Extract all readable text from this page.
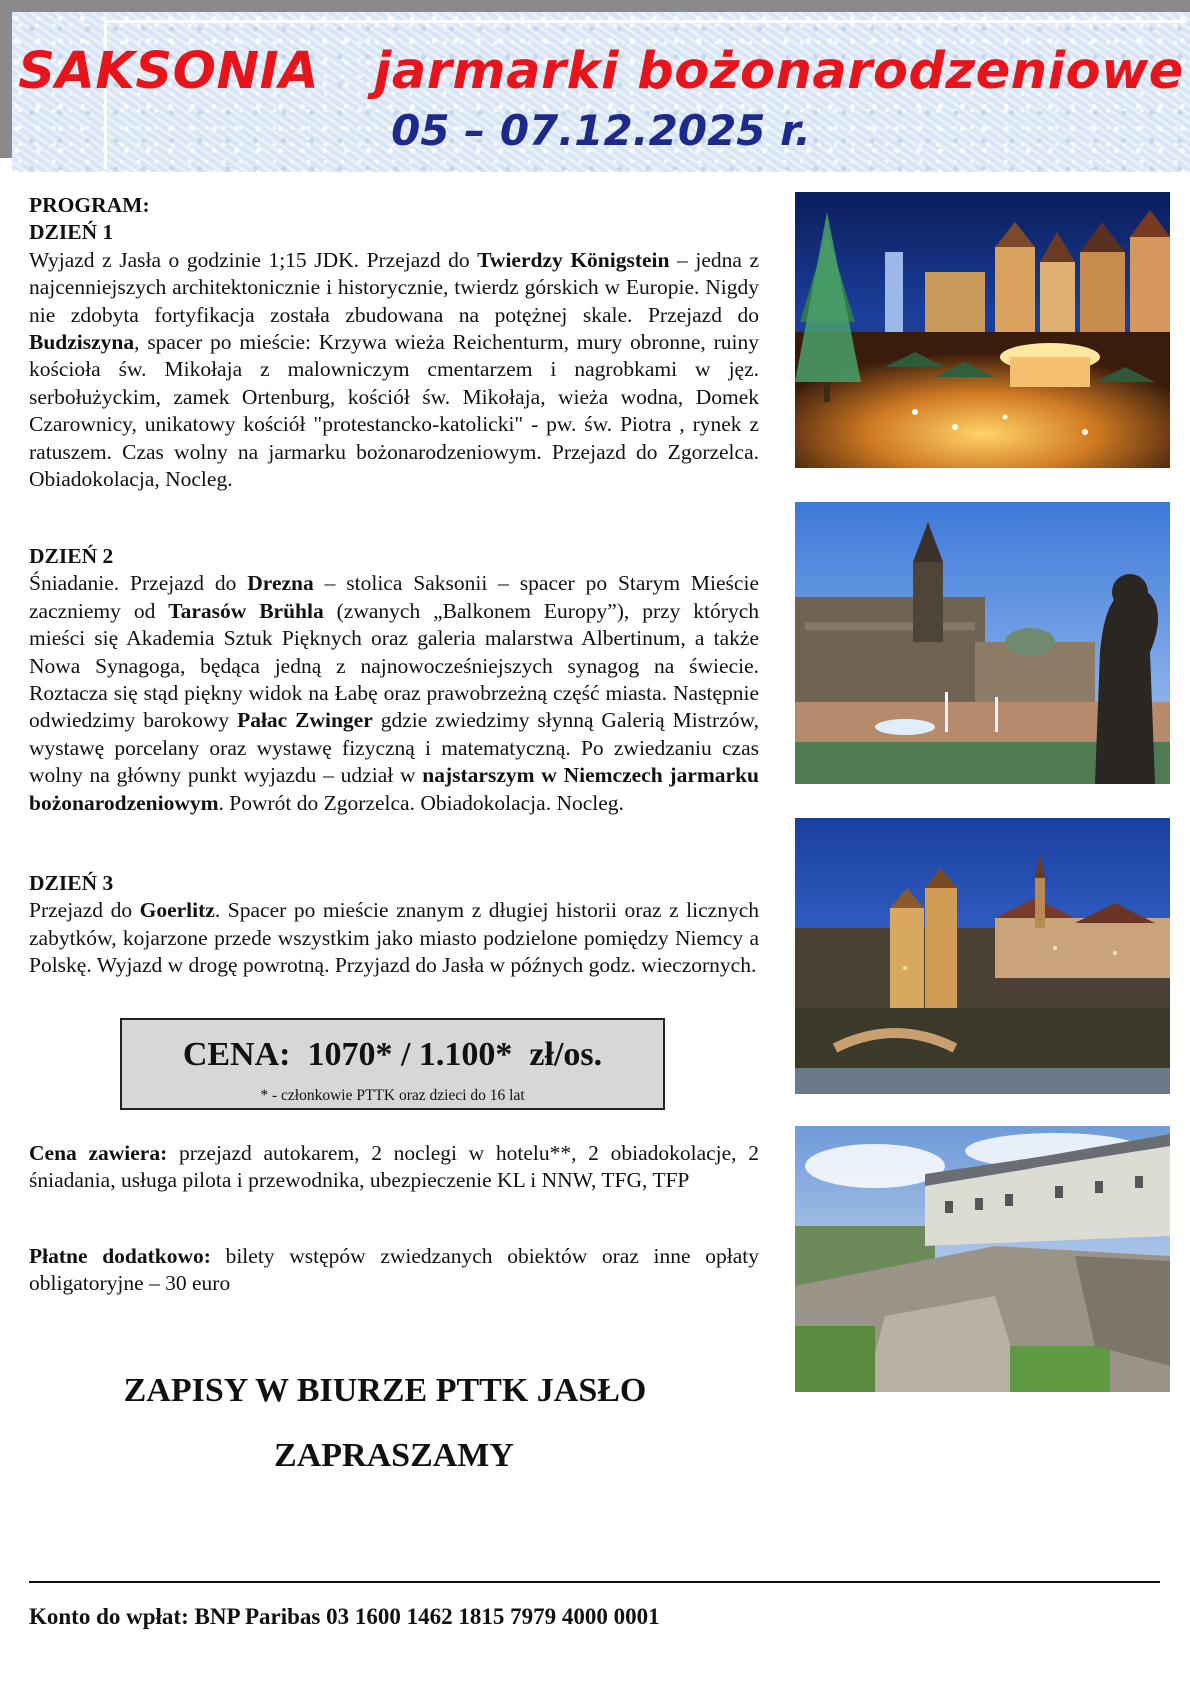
SAKSONIA   jarmarki bożonarodzeniowe
05 – 07.12.2025 r.
PROGRAM:
DZIEŃ 1

Wyjazd z Jasła o godzinie 1;15 JDK. Przejazd do Twierdzy Königstein – jedna z najcenniejszych architektonicznie i historycznie, twierdz górskich w Europie. Nigdy nie zdobyta fortyfikacja została zbudowana na potężnej skale. Przejazd do Budziszyna, spacer po mieście: Krzywa wieża Reichenturm, mury obronne, ruiny kościoła św. Mikołaja z malowniczym cmentarzem i nagrobkami w jęz. serbołużyckim, zamek Ortenburg, kościół św. Mikołaja, wieża wodna, Domek Czarownicy, unikatowy kościół "protestancko-katolicki" - pw. św. Piotra , rynek z ratuszem. Czas wolny na jarmarku bożonarodzeniowym. Przejazd do Zgorzelca. Obiadokolacja, Nocleg.

DZIEŃ 2

Śniadanie. Przejazd do Drezna – stolica Saksonii – spacer po Starym Mieście zaczniemy od Tarasów Brühla (zwanych „Balkonem Europy”), przy których mieści się Akademia Sztuk Pięknych oraz galeria malarstwa Albertinum, a także Nowa Synagoga, będąca jedną z najnowocześniejszych synagog na świecie. Roztacza się stąd piękny widok na Łabę oraz prawobrzeżną część miasta. Następnie odwiedzimy barokowy Pałac Zwinger gdzie zwiedzimy słynną Galerią Mistrzów, wystawę porcelany oraz wystawę fizyczną i matematyczną. Po zwiedzaniu czas wolny na główny punkt wyjazdu – udział w najstarszym w Niemczech jarmarku bożonarodzeniowym. Powrót do Zgorzelca. Obiadokolacja. Nocleg.

DZIEŃ 3

Przejazd do Goerlitz. Spacer po mieście znanym z długiej historii oraz z licznych zabytków, kojarzone przede wszystkim jako miasto podzielone pomiędzy Niemcy a Polskę. Wyjazd w drogę powrotną. Przyjazd do Jasła w późnych godz. wieczornych.

CENA:  1070* / 1.100*  zł/os.
* - członkowie PTTK oraz dzieci do 16 lat

Cena zawiera: przejazd autokarem, 2 noclegi w hotelu**, 2 obiadokolacje, 2 śniadania, usługa pilota i przewodnika, ubezpieczenie KL i NNW, TFG, TFP

Płatne dodatkowo: bilety wstępów zwiedzanych obiektów oraz inne opłaty obligatoryjne – 30 euro

ZAPISY W BIURZE PTTK JASŁO
ZAPRASZAMY
Konto do wpłat: BNP Paribas 03 1600 1462 1815 7979 4000 0001
